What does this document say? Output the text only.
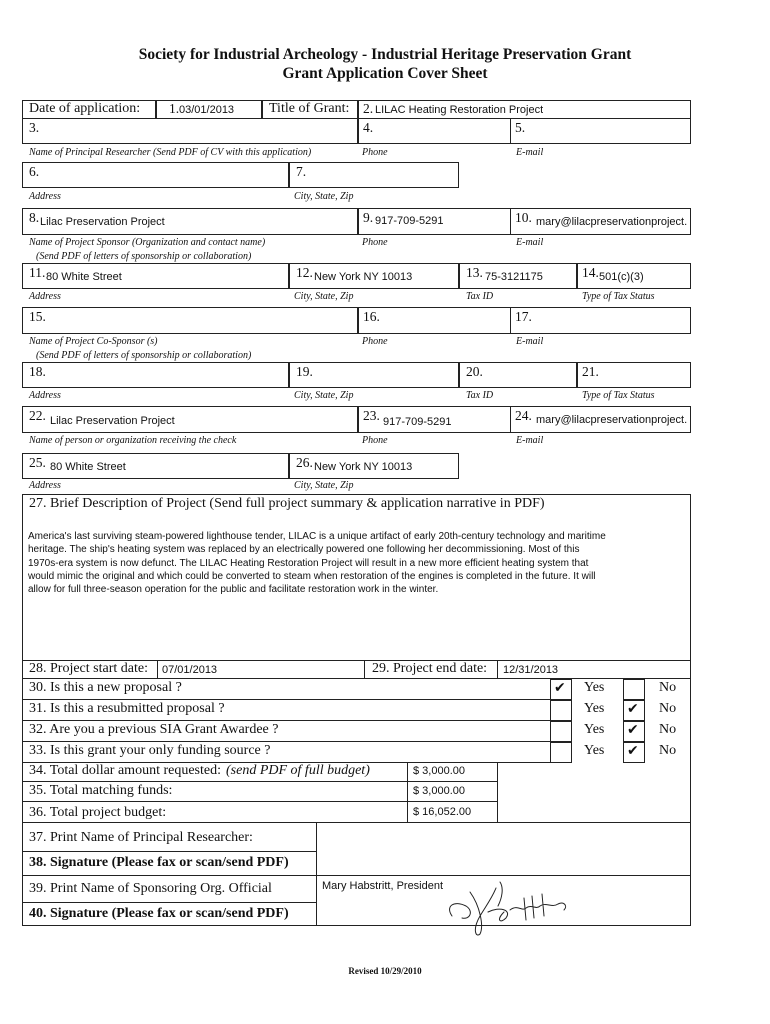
Society for Industrial Archeology - Industrial Heritage Preservation Grant
Grant Application Cover Sheet
Date of application: 1. 03/01/2013 Title of Grant: 2. LILAC Heating Restoration Project
3.	4.	5.
Name of Principal Researcher (Send PDF of CV with this application)	Phone	E-mail
6.	7.
Address	City, State, Zip
8. Lilac Preservation Project	9. 917-709-5291	10. mary@lilacpreservationproject.
Name of Project Sponsor (Organization and contact name)	Phone	E-mail
(Send PDF of letters of sponsorship or collaboration)
11. 80 White Street	12. New York NY 10013	13. 75-3121175	14. 501(c)(3)
Address	City, State, Zip	Tax ID	Type of Tax Status
15.	16.	17.
Name of Project Co-Sponsor (s)	Phone	E-mail
(Send PDF of letters of sponsorship or collaboration)
18.	19.	20.	21.
Address	City, State, Zip	Tax ID	Type of Tax Status
22. Lilac Preservation Project	23. 917-709-5291	24. mary@lilacpreservationproject.
Name of person or organization receiving the check	Phone	E-mail
25. 80 White Street	26. New York NY 10013
Address	City, State, Zip
27. Brief Description of Project (Send full project summary & application narrative in PDF)
America's last surviving steam-powered lighthouse tender, LILAC is a unique artifact of early 20th-century technology and maritime
heritage. The ship's heating system was replaced by an electrically powered one following her decommissioning. Most of this
1970s-era system is now defunct. The LILAC Heating Restoration Project will result in a new more efficient heating system that
would mimic the original and which could be converted to steam when restoration of the engines is completed in the future. It will
allow for full three-season operation for the public and facilitate restoration work in the winter.
28. Project start date: 07/01/2013	29. Project end date: 12/31/2013
30. Is this a new proposal ?	✔ Yes	No
31. Is this a resubmitted proposal ?	Yes ✔ No
32. Are you a previous SIA Grant Awardee ?	Yes ✔ No
33. Is this grant your only funding source ?	Yes ✔ No
34. Total dollar amount requested: (send PDF of full budget)	$ 3,000.00
35. Total matching funds:	$ 3,000.00
36. Total project budget:	$ 16,052.00
37. Print Name of Principal Researcher:
38. Signature (Please fax or scan/send PDF)
39. Print Name of Sponsoring Org. Official	Mary Habstritt, President
40. Signature (Please fax or scan/send PDF)
Revised 10/29/2010
